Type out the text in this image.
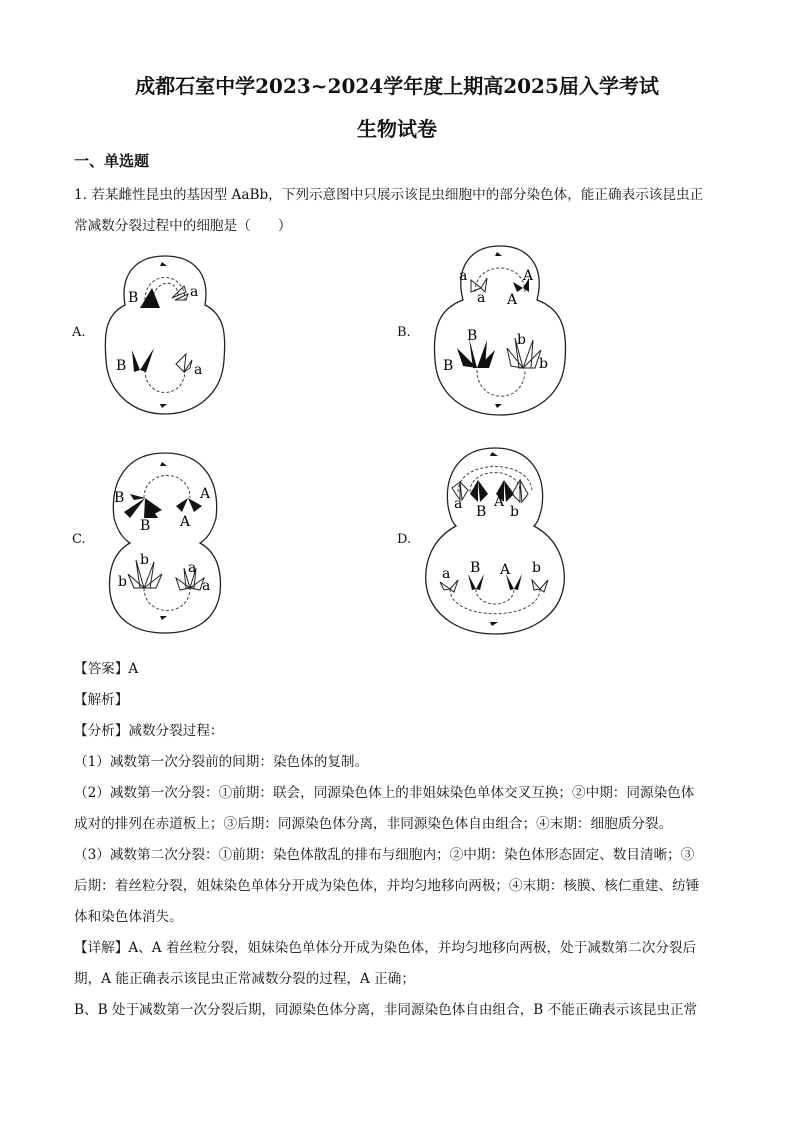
成都石室中学2023~2024学年度上期高2025届入学考试
生物试卷
一、单选题
1. 若某雌性昆虫的基因型 AaBb，下列示意图中只展示该昆虫细胞中的部分染色体，能正确表示该昆虫正
常减数分裂过程中的细胞是（　　）
A.
B	a
B	a
B.
a	A
a A
B
B
b
b
C.
B
B
A
A
b
b
a
a
D.
a B
A
b
a B A b
【答案】A
【解析】
【分析】减数分裂过程：
（1）减数第一次分裂前的间期：染色体的复制。
（2）减数第一次分裂：①前期：联会，同源染色体上的非姐妹染色单体交叉互换；②中期：同源染色体
成对的排列在赤道板上；③后期：同源染色体分离，非同源染色体自由组合；④末期：细胞质分裂。
（3）减数第二次分裂：①前期：染色体散乱的排布与细胞内；②中期：染色体形态固定、数目清晰；③
后期：着丝粒分裂，姐妹染色单体分开成为染色体，并均匀地移向两极；④末期：核膜、核仁重建、纺锤
体和染色体消失。
【详解】A、A 着丝粒分裂，姐妹染色单体分开成为染色体，并均匀地移向两极，处于减数第二次分裂后
期，A 能正确表示该昆虫正常减数分裂的过程，A 正确；
B、B 处于减数第一次分裂后期，同源染色体分离，非同源染色体自由组合，B 不能正确表示该昆虫正常
